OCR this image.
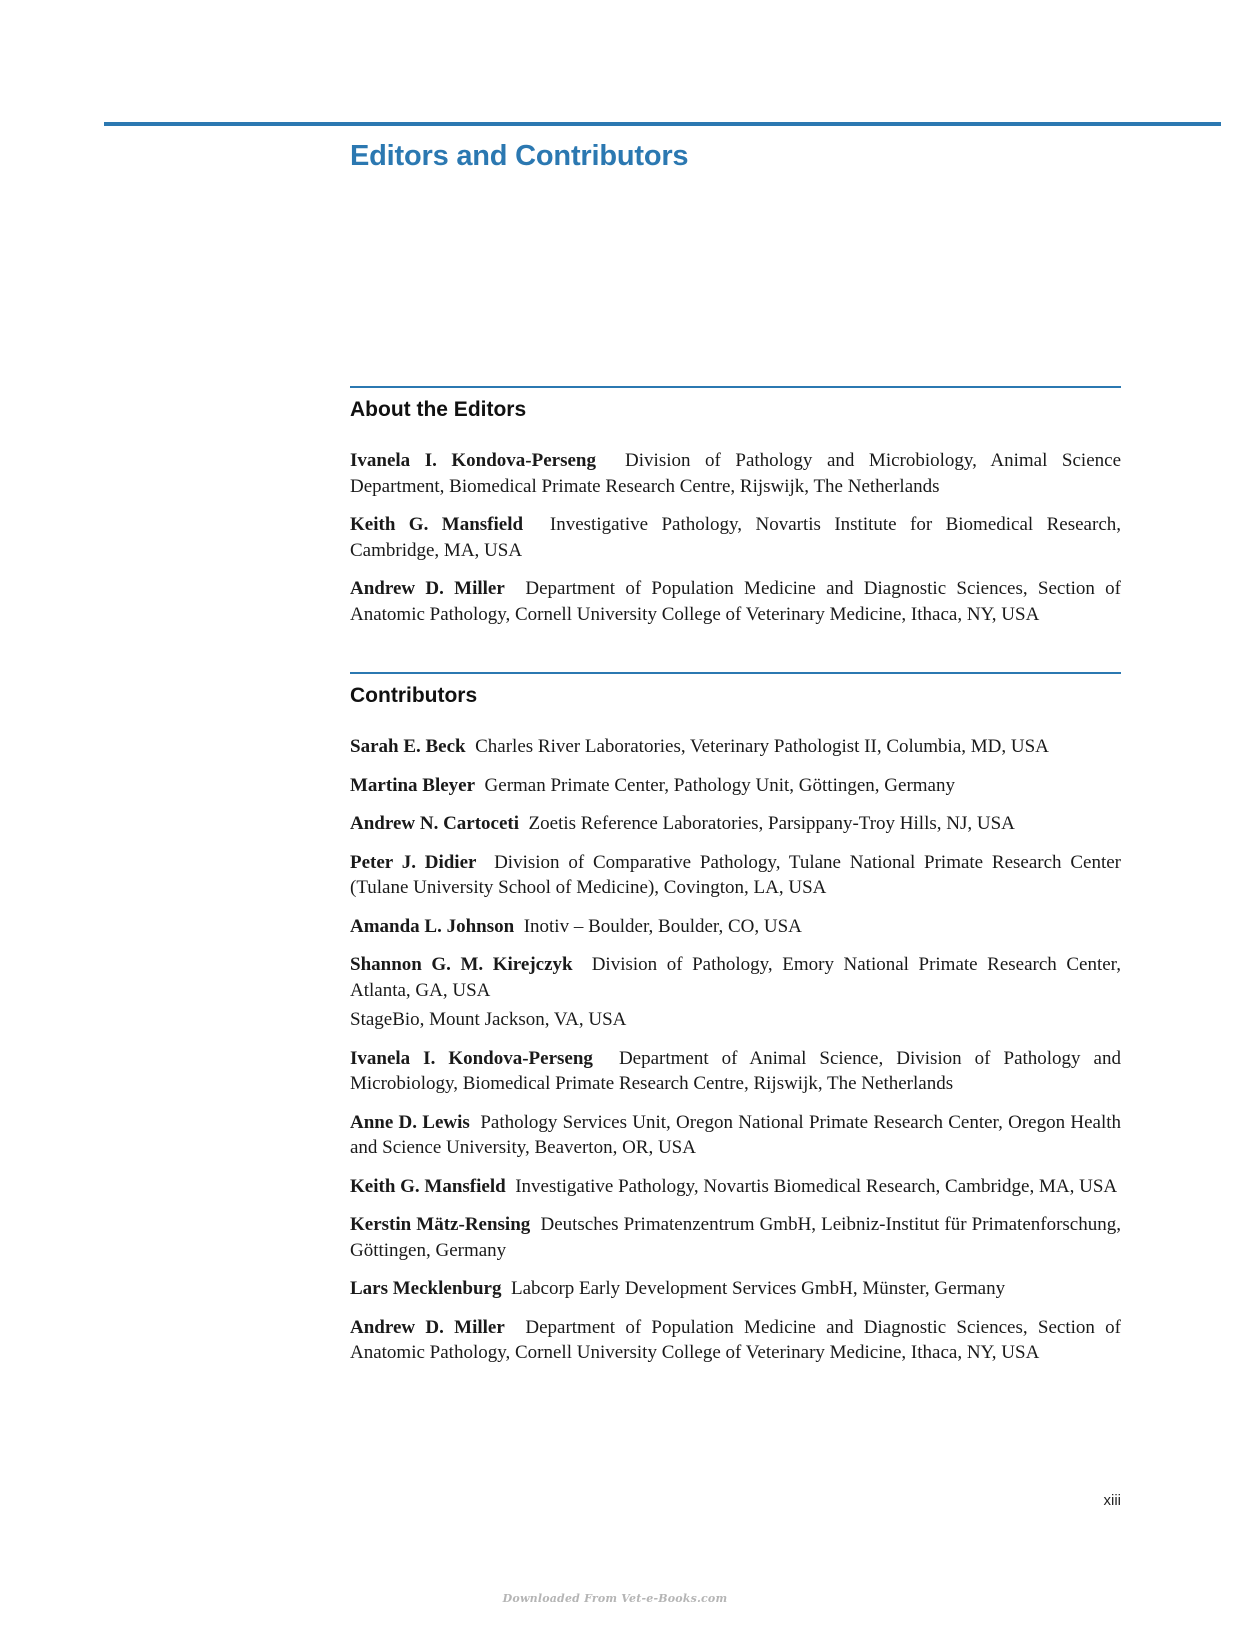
Editors and Contributors
About the Editors

Ivanela I. Kondova-Perseng Division of Pathology and Microbiology, Animal Science Department, Biomedical Primate Research Centre, Rijswijk, The Netherlands

Keith G. Mansfield Investigative Pathology, Novartis Institute for Biomedical Research, Cambridge, MA, USA

Andrew D. Miller Department of Population Medicine and Diagnostic Sciences, Section of Anatomic Pathology, Cornell University College of Veterinary Medicine, Ithaca, NY, USA

Contributors

Sarah E. Beck Charles River Laboratories, Veterinary Pathologist II, Columbia, MD, USA

Martina Bleyer German Primate Center, Pathology Unit, Göttingen, Germany

Andrew N. Cartoceti Zoetis Reference Laboratories, Parsippany-Troy Hills, NJ, USA

Peter J. Didier Division of Comparative Pathology, Tulane National Primate Research Center (Tulane University School of Medicine), Covington, LA, USA

Amanda L. Johnson Inotiv – Boulder, Boulder, CO, USA

Shannon G. M. Kirejczyk Division of Pathology, Emory National Primate Research Center, Atlanta, GA, USA

StageBio, Mount Jackson, VA, USA

Ivanela I. Kondova-Perseng Department of Animal Science, Division of Pathology and Microbiology, Biomedical Primate Research Centre, Rijswijk, The Netherlands

Anne D. Lewis Pathology Services Unit, Oregon National Primate Research Center, Oregon Health and Science University, Beaverton, OR, USA

Keith G. Mansfield Investigative Pathology, Novartis Biomedical Research, Cambridge, MA, USA

Kerstin Mätz-Rensing Deutsches Primatenzentrum GmbH, Leibniz-Institut für Primatenforschung, Göttingen, Germany

Lars Mecklenburg Labcorp Early Development Services GmbH, Münster, Germany

Andrew D. Miller Department of Population Medicine and Diagnostic Sciences, Section of Anatomic Pathology, Cornell University College of Veterinary Medicine, Ithaca, NY, USA

xiii
Downloaded From Vet-e-Books.com
